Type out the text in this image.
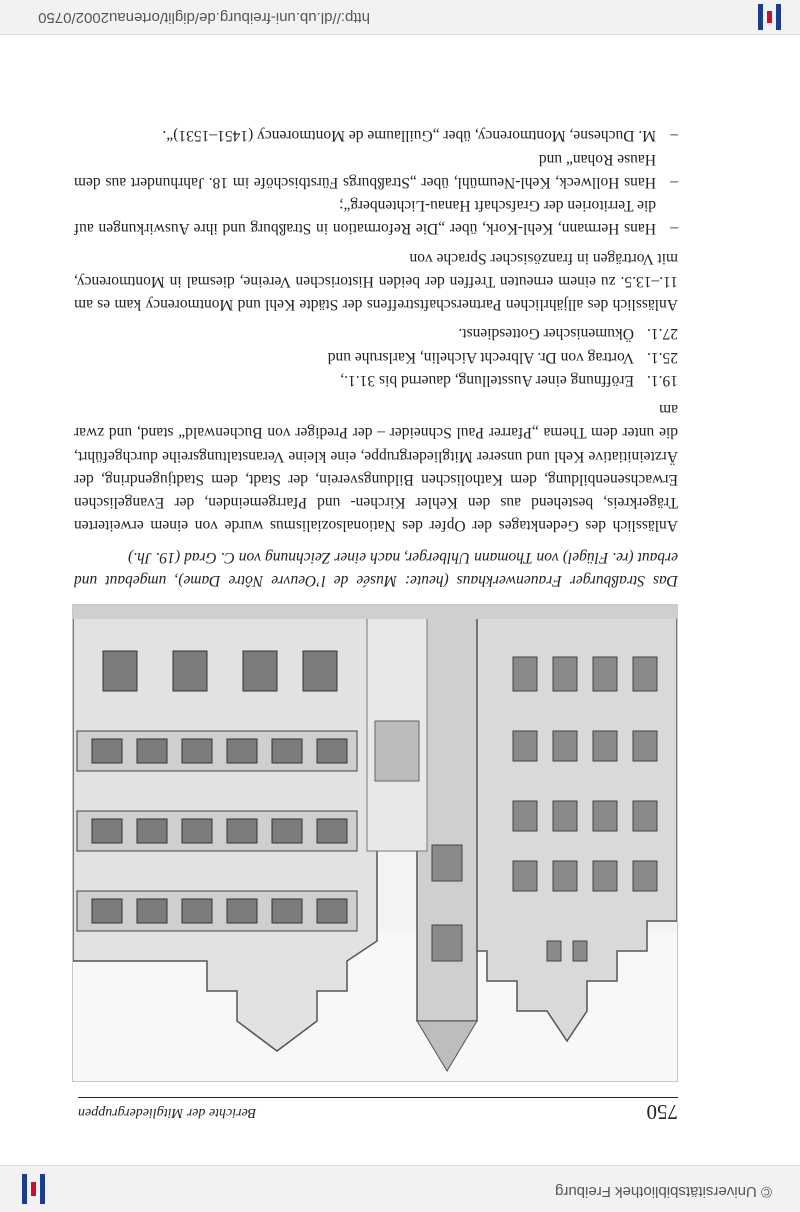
© Universitätsbibliothek Freiburg
750
Berichte der Mitgliedergruppen

Das Straßburger Frauenwerkhaus (heute: Musée de l’Oeuvre Nôtre Dame), umgebaut und erbaut (re. Flügel) von Thomann Uhlberger, nach einer Zeichnung von C. Grad (19. Jh.)

Anlässlich des Gedenktages der Opfer des Nationalsozialismus wurde von einem erweiterten Trägerkreis, bestehend aus den Kehler Kirchen- und Pfarrgemeinden, der Evangelischen Erwachsenenbildung, dem Katholischen Bildungsverein, der Stadt, dem Stadtjugendring, der Ärzteinitiative Kehl und unserer Mitgliedergruppe, eine kleine Veranstaltungsreihe durchgeführt, die unter dem Thema „Pfarrer Paul Schneider – der Prediger von Buchenwald“ stand, und zwar am

19.1.
Eröffnung einer Ausstellung, dauernd bis 31.1.,
25.1.
Vortrag von Dr. Albrecht Aichelin, Karlsruhe und
27.1.
Ökumenischer Gottesdienst.

Anlässlich des alljährlichen Partnerschaftstreffens der Städte Kehl und Montmorency kam es am 11.–13.5. zu einem erneuten Treffen der beiden Historischen Vereine, diesmal in Montmorency, mit Vorträgen in französischer Sprache von

– Hans Hermann, Kehl-Kork, über „Die Reformation in Straßburg und ihre Auswirkungen auf die Territorien der Grafschaft Hanau-Lichtenberg“;
– Hans Hollweck, Kehl-Neumühl, über „Straßburgs Fürstbischöfe im 18. Jahrhundert aus dem Hause Rohan“ und
– M. Duchesne, Montmorency, über „Guillaume de Montmorency (1451–1531)“.
http://dl.ub.uni-freiburg.de/diglit/ortenau2002/0750
